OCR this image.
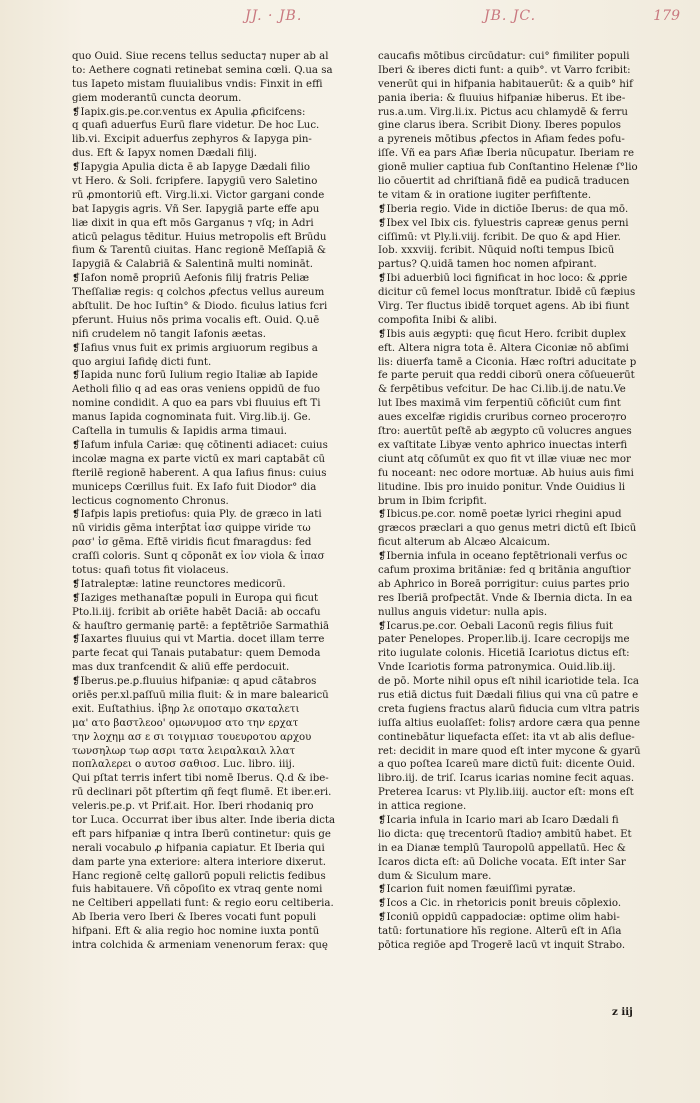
JJ. · JB.	JB. JC.	179
quo Ouid. Siue recens tellus seducta⁊ nuper ab al
to: Aethere cognati retinebat semina cœli. Q.ua sa
tus Iapeto mistam fluuialibus vndis: Finxit in effi
giem moderantū cuncta deorum.
❡Iapix.gis.pe.cor.ventus ex Apulia ꝓficifcens:
q quafi aduerfus Eurū flare videtur. De hoc Luc.
lib.vi. Excipit aduerfus zephyros & Iapyga pin-
dus. Eft & Iapyx nomen Dædali filij.
❡Iapygia Apulia dicta ē ab Iapyge Dædali filio
vt Hero. & Soli. fcripfere. Iapygiū vero Saletino
rū ꝓmontoriū eft. Virg.li.xi. Victor gargani conde
bat Iapygis agris. Vñ Ser. Iapygiā parte effe apu
liæ dixit in qua eft mōs Garganus ⁊ vſq; in Adri
aticū pelagus tēditur. Huius metropolis eft Brūdu
fium & Tarentū ciuitas. Hanc regionē Meſſapiā &
Iapygiā & Calabriā & Salentinā multi nomināt.
❡Iafon nomē propriū Aefonis filij fratris Peliæ
Theſſaliæ regis: q colchos ꝓfectus vellus aureum
abſtulit. De hoc Iuſtin° & Diodo. ficulus latius fcri
pferunt. Huius nōs prima vocalis eft. Ouid. Q.uē
nifi crudelem nō tangit Iafonis æetas.
❡Iafius vnus fuit ex primis argiuorum regibus a
quo argiui Iafidę dicti funt.
❡Iapida nunc forū Iulium regio Italiæ ab Iapide
Aetholi filio q ad eas oras veniens oppidū de fuo
nomine condidit. A quo ea pars vbi fluuius eft Ti
manus Iapida cognominata fuit. Virg.lib.ij. Ge.
Caſtella in tumulis & Iapidis arma timaui.
❡Iafum infula Cariæ: quę cōtinenti adiacet: cuius
incolæ magna ex parte victū ex mari captabāt cū
fterilē regionē haberent. A qua Iafius finus: cuius
municeps Cœrillus fuit. Ex Iafo fuit Diodor° dia
lecticus cognomento Chronus.
❡Iafpis lapis pretiofus: quia Ply. de græco in lati
nū viridis gēma interp̄tat ἰασ quippe viride τω
ρασ' ἰσ gēma. Eftē viridis ficut fmaragdus: fed
craſſi coloris. Sunt q cōponāt ex ἰον viola & ἰπασ
totus: quafi totus fit violaceus.
❡Iatraleptæ: latine reunctores medicorū.
❡Iaziges methanaſtæ populi in Europa qui ficut
Pto.li.iij. fcribit ab oriēte habēt Daciā: ab occafu
& hauſtro germanię partē: a feptētriōe Sarmathiā
❡Iaxartes fluuius qui vt Martia. docet illam terre
parte fecat qui Tanais putabatur: quem Demoda
mas dux tranfcendit & aliū effe perdocuit.
❡Iberus.pe.ꝑ.fluuius hifpaniæ: q apud cātabros
oriēs per.xl.paſſuū milia fluit: & in mare balearicū
exit. Euſtathius. ἰβηρ λε οποταμο σκαταλετι
μα' ατο βαστλεοο' ομωνυμοσ ατο την ερχατ
την λοχημ ασ ε σι τοιγμιασ τουευροτου αρχου
τωνσηλωρ τωρ ασρι τατα λειραλκαιλ λλατ
ποπλαλερει ο αυτοσ σαθιοσ. Luc. libro. iiij.
Qui pſtat terris infert tibi nomē Iberus. Q.d & ibe-
rū declinari pōt pſtertim qñ feqt flumē. Et iber.eri.
veleris.pe.ꝑ. vt Prif.ait. Hor. Iberi rhodaniq pro
tor Luca. Occurrat iber ibus alter. Inde iberia dicta
eft pars hifpaniæ q intra Iberū continetur: quis ge
nerali vocabulo ꝓ hifpania capiatur. Et Iberia qui
dam parte yna exteriore: altera interiore dixerut.
Hanc regionē celtę gallorū populi relictis fedibus
fuis habitauere. Vñ cōpoſito ex vtraq gente nomi
ne Celtiberi appellati funt: & regio eoru celtiberia.
Ab Iberia vero Iberi & Iberes vocati funt populi
hifpani. Eft & alia regio hoc nomine iuxta pontū
intra colchida & armeniam venenorum ferax: quę
caucafis mōtibus circūdatur: cui° fimiliter populi
Iberi & iberes dicti funt: a quib°. vt Varro fcribit:
venerūt qui in hifpania habitauerūt: & a quib° hif
pania iberia: & fluuius hifpaniæ hiberus. Et ibe-
rus.a.um. Virg.li.ix. Pictus acu chlamydē & ferru
gine clarus ibera. Scribit Diony. Iberes populos
a pyreneis mōtibus ꝓfectos in Afiam fedes pofu-
iſſe. Vñ ea pars Afiæ Iberia nūcupatur. Iberiam re
gionē mulier captiua fub Conſtantino Helenæ ſ°lio
lio cōuertit ad chriſtianā fidē ea pudicā traducen
te vitam & in oratione iugiter perfiſtente.
❡Iberia regio. Vide in dictiōe Iberus: de qua mō.
❡Ibex vel Ibix cis. fyluestris capreæ genus perni
ciſſimū: vt Ply.li.viij. fcribit. De quo & apd Hier.
Iob. xxxviij. fcribit. Nūquid noſti tempus Ibicū
partus? Q.uidā tamen hoc nomen afpirant.
❡Ibi aduerbiū loci fignificat in hoc loco: & ꝓprie
dicitur cū femel locus monſtratur. Ibidē cū fæpius
Virg. Ter fluctus ibidē torquet agens. Ab ibi fiunt
compofita Inibi & alibi.
❡Ibis auis ægypti: quę ficut Hero. fcribit duplex
eft. Altera nigra tota ē. Altera Ciconiæ nō abſimi
lis: diuerfa tamē a Ciconia. Hæc roſtri aducitate p
fe parte peruit qua reddi ciborū onera cōſueuerūt
& ferpētibus vefcitur. De hac Ci.lib.ij.de natu.Ve
lut Ibes maximā vim ferpentiū cōficiūt cum fint
aues excelfæ rigidis cruribus corneo procero⁊ro
ſtro: auertūt peſtē ab ægypto cū volucres angues
ex vaſtitate Libyæ vento aphrico inuectas interfi
ciunt atq cōſumūt ex quo fit vt illæ viuæ nec mor
fu noceant: nec odore mortuæ. Ab huius auis fimi
litudine. Ibis pro inuido ponitur. Vnde Ouidius li
brum in Ibim fcripfit.
❡Ibicus.pe.cor. nomē poetæ lyrici rhegini apud
græcos præclari a quo genus metri dictū eſt Ibicū
ficut alterum ab Alcæo Alcaicum.
❡Ibernia infula in oceano feptētrionali verfus oc
cafum proxima britāniæ: fed q britānia anguſtior
ab Aphrico in Boreā porrigitur: cuius partes prio
res Iberiā profpectāt. Vnde & Ibernia dicta. In ea
nullus anguis videtur: nulla apis.
❡Icarus.pe.cor. Oebali Laconū regis filius fuit
pater Penelopes. Proper.lib.ij. Icare cecropijs me
rito iugulate colonis. Hicetiā Icariotus dictus eſt:
Vnde Icariotis forma patronymica. Ouid.lib.iij.
de pō. Morte nihil opus eſt nihil icariotide tela. Ica
rus etiā dictus fuit Dædali filius qui vna cū patre e
creta fugiens fractus alarū fiducia cum vltra patris
iuſſa altius euolaſſet: folis⁊ ardore cæra qua penne
continebātur liquefacta eſſet: ita vt ab alis deflue-
ret: decidit in mare quod eſt inter mycone & gyarū
a quo poſtea Icareū mare dictū fuit: dicente Ouid.
libro.iij. de triſ. Icarus icarias nomine fecit aquas.
Preterea Icarus: vt Ply.lib.iiij. auctor eſt: mons eſt
in attica regione.
❡Icaria infula in Icario mari ab Icaro Dædali fi
lio dicta: quę trecentorū ſtadio⁊ ambitū habet. Et
in ea Dianæ templū Tauropolū appellatū. Hec &
Icaros dicta eſt: aū Doliche vocata. Eſt inter Sar
dum & Siculum mare.
❡Icarion fuit nomen fæuiſſimi pyratæ.
❡Icos a Cic. in rhetoricis ponit breuis cōplexio.
❡Iconiū oppidū cappadociæ: optime olim habi-
tatū: fortunatiore hīs regione. Alterū eſt in Aſia
pōtica regiōe apd Trogerē lacū vt inquit Strabo.
z iij
